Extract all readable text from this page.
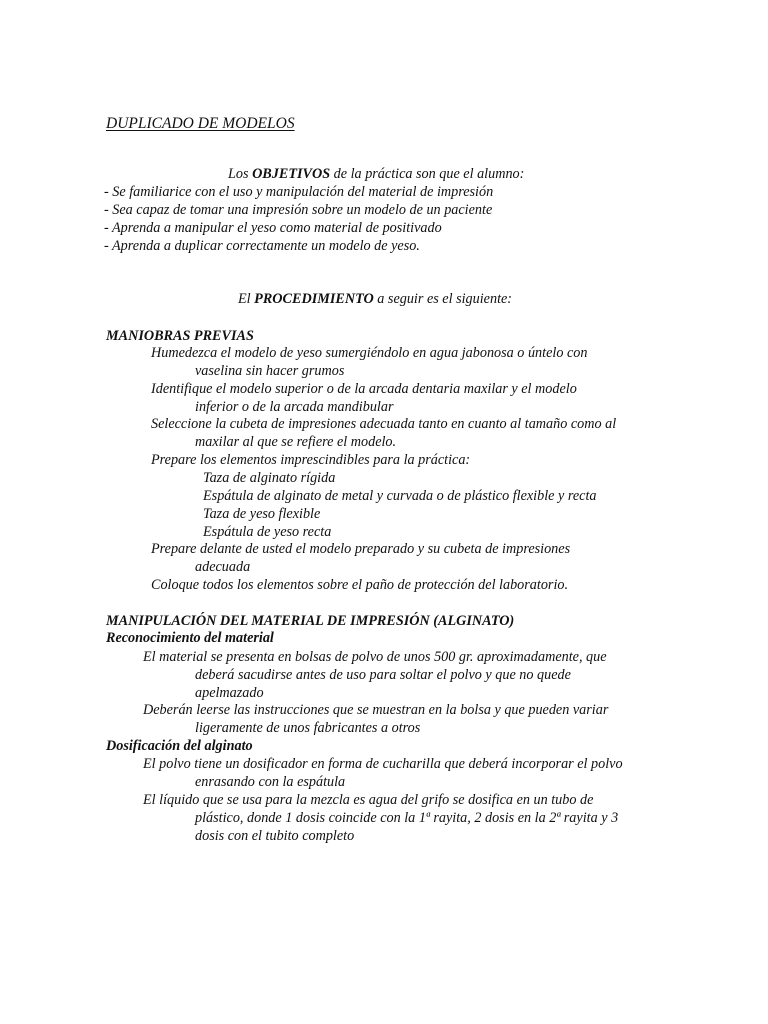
DUPLICADO DE MODELOS
Los OBJETIVOS de la práctica son que el alumno:
- Se familiarice con el uso y manipulación del material de impresión
- Sea capaz de tomar una impresión sobre un modelo de un paciente
- Aprenda a manipular el yeso como material de positivado
- Aprenda a duplicar correctamente un modelo de yeso.
El PROCEDIMIENTO a seguir es el siguiente:
MANIOBRAS PREVIAS
Humedezca el modelo de yeso sumergiéndolo en agua jabonosa o úntelo con
vaselina sin hacer grumos
Identifique el modelo superior o de la arcada dentaria maxilar y el modelo
inferior o de la arcada mandibular
Seleccione la cubeta de impresiones adecuada tanto en cuanto al tamaño como al
maxilar al que se refiere el modelo.
Prepare los elementos imprescindibles para la práctica:
Taza de alginato rígida
Espátula de alginato de metal y curvada o de plástico flexible y recta
Taza de yeso flexible
Espátula de yeso recta
Prepare delante de usted el modelo preparado y su cubeta de impresiones
adecuada
Coloque todos los elementos sobre el paño de protección del laboratorio.
MANIPULACIÓN DEL MATERIAL DE IMPRESIÓN (ALGINATO)
Reconocimiento del material
El material se presenta en bolsas de polvo de unos 500 gr. aproximadamente, que
deberá sacudirse antes de uso para soltar el polvo y que no quede
apelmazado
Deberán leerse las instrucciones que se muestran en la bolsa y que pueden variar
ligeramente de unos fabricantes a otros
Dosificación del alginato
El polvo tiene un dosificador en forma de cucharilla que deberá incorporar el polvo
enrasando con la espátula
El líquido que se usa para la mezcla es agua del grifo se dosifica en un tubo de
plástico, donde 1 dosis coincide con la 1ª rayita, 2 dosis en la 2ª rayita y 3
dosis con el tubito completo
